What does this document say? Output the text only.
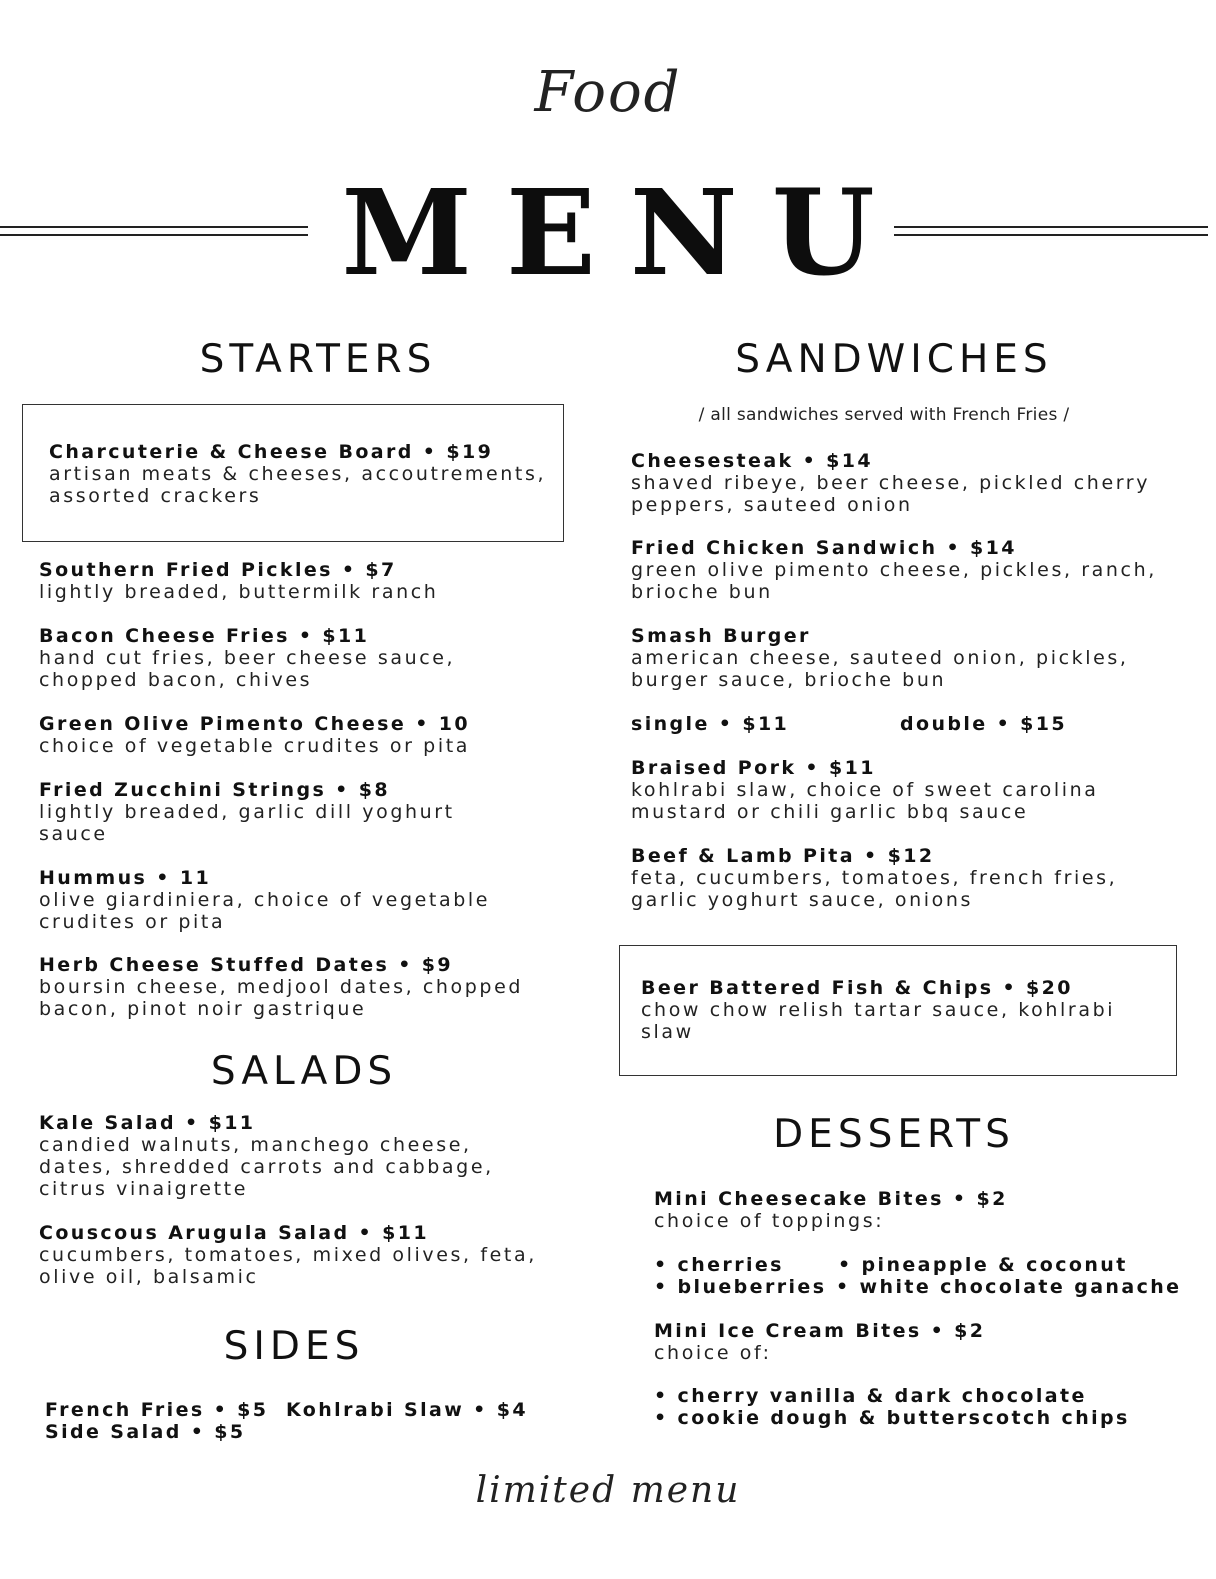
Food
MENU
STARTERS
Charcuterie & Cheese Board • $19
artisan meats & cheeses, accoutrements, assorted crackers
Southern Fried Pickles • $7
lightly breaded, buttermilk ranch
Bacon Cheese Fries • $11
hand cut fries, beer cheese sauce, chopped bacon, chives
Green Olive Pimento Cheese • 10
choice of vegetable crudites or pita
Fried Zucchini Strings • $8
lightly breaded, garlic dill yoghurt sauce
Hummus • 11
olive giardiniera, choice of vegetable crudites or pita
Herb Cheese Stuffed Dates • $9
boursin cheese, medjool dates, chopped bacon, pinot noir gastrique
SALADS
Kale Salad • $11
candied walnuts, manchego cheese, dates, shredded carrots and cabbage, citrus vinaigrette
Couscous Arugula Salad • $11
cucumbers, tomatoes, mixed olives, feta, olive oil, balsamic
SIDES
French Fries • $5 Kohlrabi Slaw • $4
Side Salad • $5
SANDWICHES
/ all sandwiches served with French Fries /
Cheesesteak • $14
shaved ribeye, beer cheese, pickled cherry peppers, sauteed onion
Fried Chicken Sandwich • $14
green olive pimento cheese, pickles, ranch, brioche bun
Smash Burger
american cheese, sauteed onion, pickles, burger sauce, brioche bun
single • $11	double • $15
Braised Pork • $11
kohlrabi slaw, choice of sweet carolina mustard or chili garlic bbq sauce
Beef & Lamb Pita • $12
feta, cucumbers, tomatoes, french fries, garlic yoghurt sauce, onions
Beer Battered Fish & Chips • $20
chow chow relish tartar sauce, kohlrabi slaw
DESSERTS
Mini Cheesecake Bites • $2
choice of toppings:
• cherries	• pineapple & coconut
• blueberries • white chocolate ganache
Mini Ice Cream Bites • $2
choice of:
• cherry vanilla & dark chocolate
• cookie dough & butterscotch chips
limited menu
